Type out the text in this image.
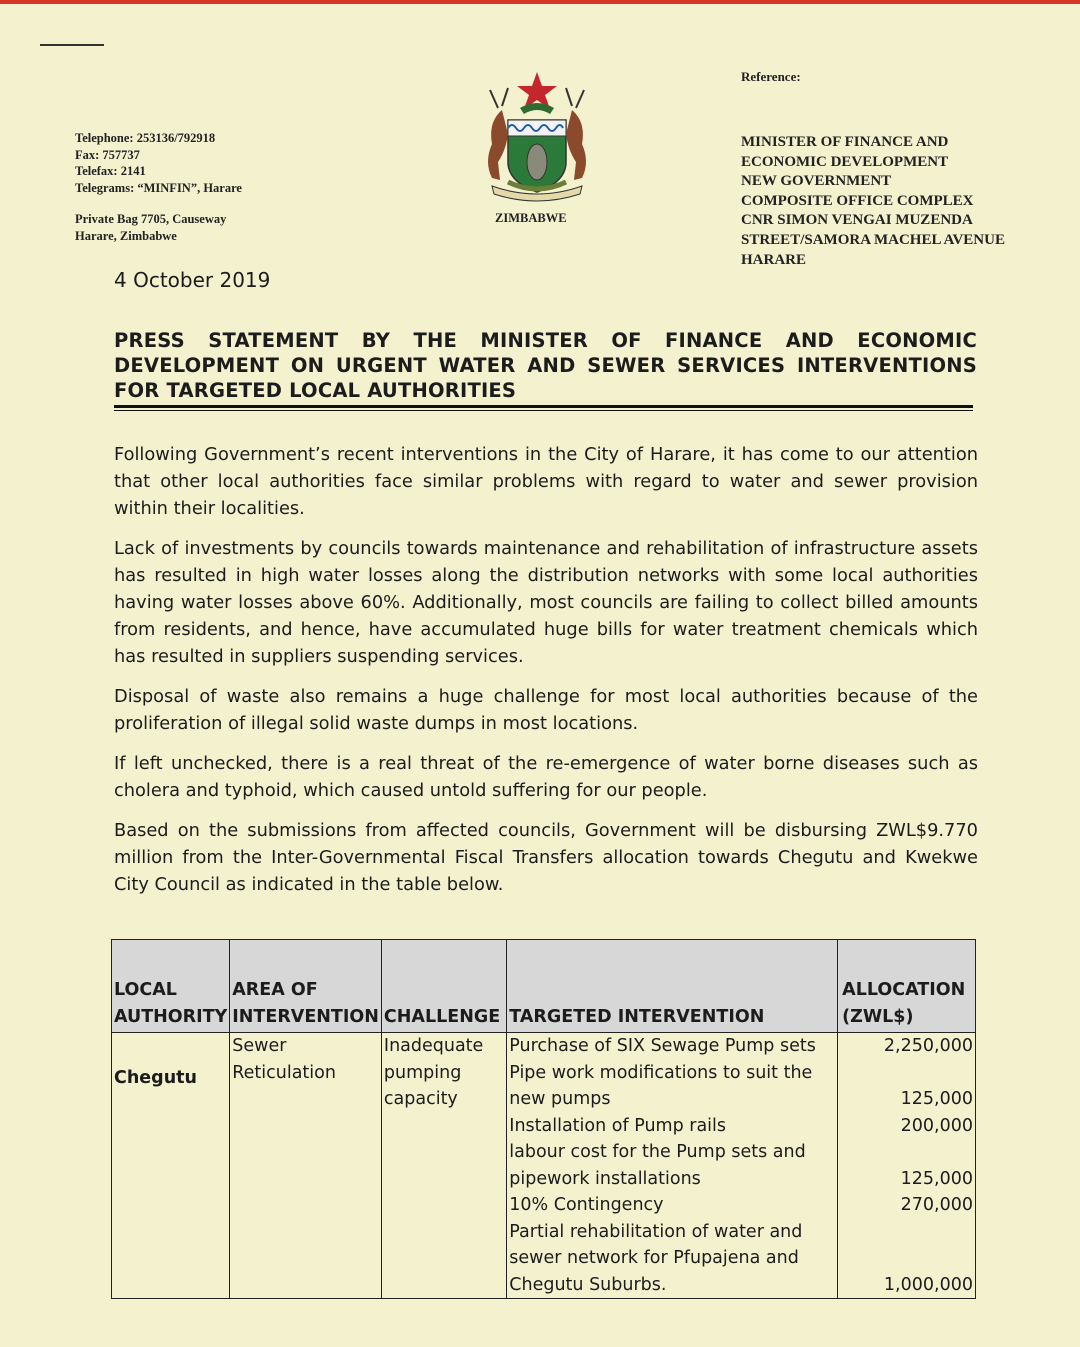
Telephone: 253136/792918
Fax: 757737
Telefax: 2141
Telegrams: “MINFIN”, Harare
Private Bag 7705, Causeway
Harare, Zimbabwe
ZIMBABWE
Reference:
MINISTER OF FINANCE AND
ECONOMIC DEVELOPMENT
NEW GOVERNMENT
COMPOSITE OFFICE COMPLEX
CNR SIMON VENGAI MUZENDA
STREET/SAMORA MACHEL AVENUE
HARARE
4 October 2019
PRESS STATEMENT BY THE MINISTER OF FINANCE AND ECONOMIC DEVELOPMENT ON URGENT WATER AND SEWER SERVICES INTERVENTIONS FOR TARGETED LOCAL AUTHORITIES

Following Government’s recent interventions in the City of Harare, it has come to our attention that other local authorities face similar problems with regard to water and sewer provision within their localities.

Lack of investments by councils towards maintenance and rehabilitation of infrastructure assets has resulted in high water losses along the distribution networks with some local authorities having water losses above 60%. Additionally, most councils are failing to collect billed amounts from residents, and hence, have accumulated huge bills for water treatment chemicals which has resulted in suppliers suspending services.

Disposal of waste also remains a huge challenge for most local authorities because of the proliferation of illegal solid waste dumps in most locations.

If left unchecked, there is a real threat of the re-emergence of water borne diseases such as cholera and typhoid, which caused untold suffering for our people.

Based on the submissions from affected councils, Government will be disbursing ZWL$9.770 million from the Inter-Governmental Fiscal Transfers allocation towards Chegutu and Kwekwe City Council as indicated in the table below.

LOCAL AUTHORITY	AREA OF INTERVENTION	CHALLENGE	TARGETED INTERVENTION	ALLOCATION (ZWL$)
Chegutu	Sewer Reticulation	Inadequate pumping capacity	Purchase of SIX Sewage Pump sets	2,250,000
			Pipe work modifications to suit the new pumps	125,000
			Installation of Pump rails	200,000
			labour cost for the Pump sets and pipework installations	125,000
			10% Contingency	270,000
			Partial rehabilitation of water and sewer network for Pfupajena and Chegutu Suburbs.	1,000,000
